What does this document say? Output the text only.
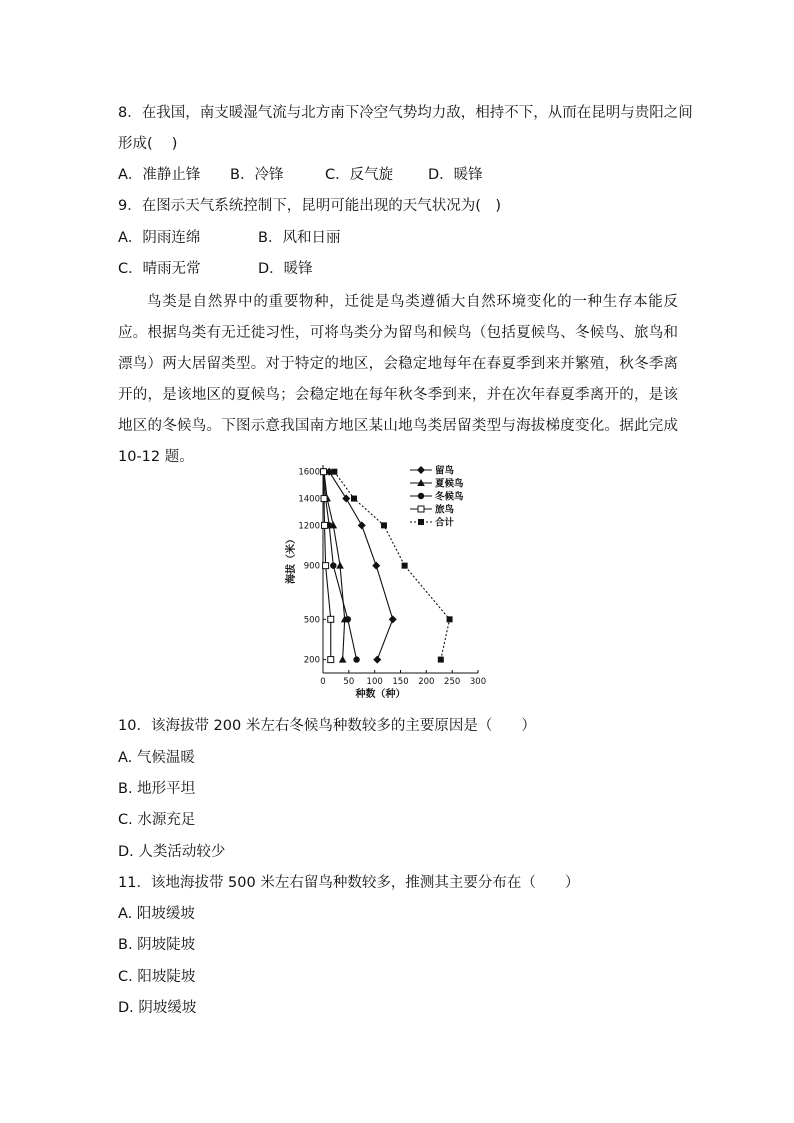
8．在我国，南支暖湿气流与北方南下冷空气势均力敌，相持不下，从而在昆明与贵阳之间
形成(　 )
A．准静止锋 B．冷锋	C．反气旋 D．暖锋
9．在图示天气系统控制下，昆明可能出现的天气状况为(　)
A．阴雨连绵	B．风和日丽
C．晴雨无常	D．暖锋
鸟类是自然界中的重要物种，迁徙是鸟类遵循大自然环境变化的一种生存本能反应。根据鸟类有无迁徙习性，可将鸟类分为留鸟和候鸟（包括夏候鸟、冬候鸟、旅鸟和漂鸟）两大居留类型。对于特定的地区，会稳定地每年在春夏季到来并繁殖，秋冬季离开的，是该地区的夏候鸟；会稳定地在每年秋冬季到来，并在次年春夏季离开的，是该地区的冬候鸟。下图示意我国南方地区某山地鸟类居留类型与海拔梯度变化。据此完成 10-12 题。
0 50 100 150 200 250 300
200
500
900
1200
1400
1600
种数（种）
海拔（米）
留鸟
夏候鸟
冬候鸟
旅鸟
合计
10．该海拔带 200 米左右冬候鸟种数较多的主要原因是（　　）
A. 气候温暖
B. 地形平坦
C. 水源充足
D. 人类活动较少
11．该地海拔带 500 米左右留鸟种数较多，推测其主要分布在（　　）
A. 阳坡缓坡
B. 阴坡陡坡
C. 阳坡陡坡
D. 阴坡缓坡
